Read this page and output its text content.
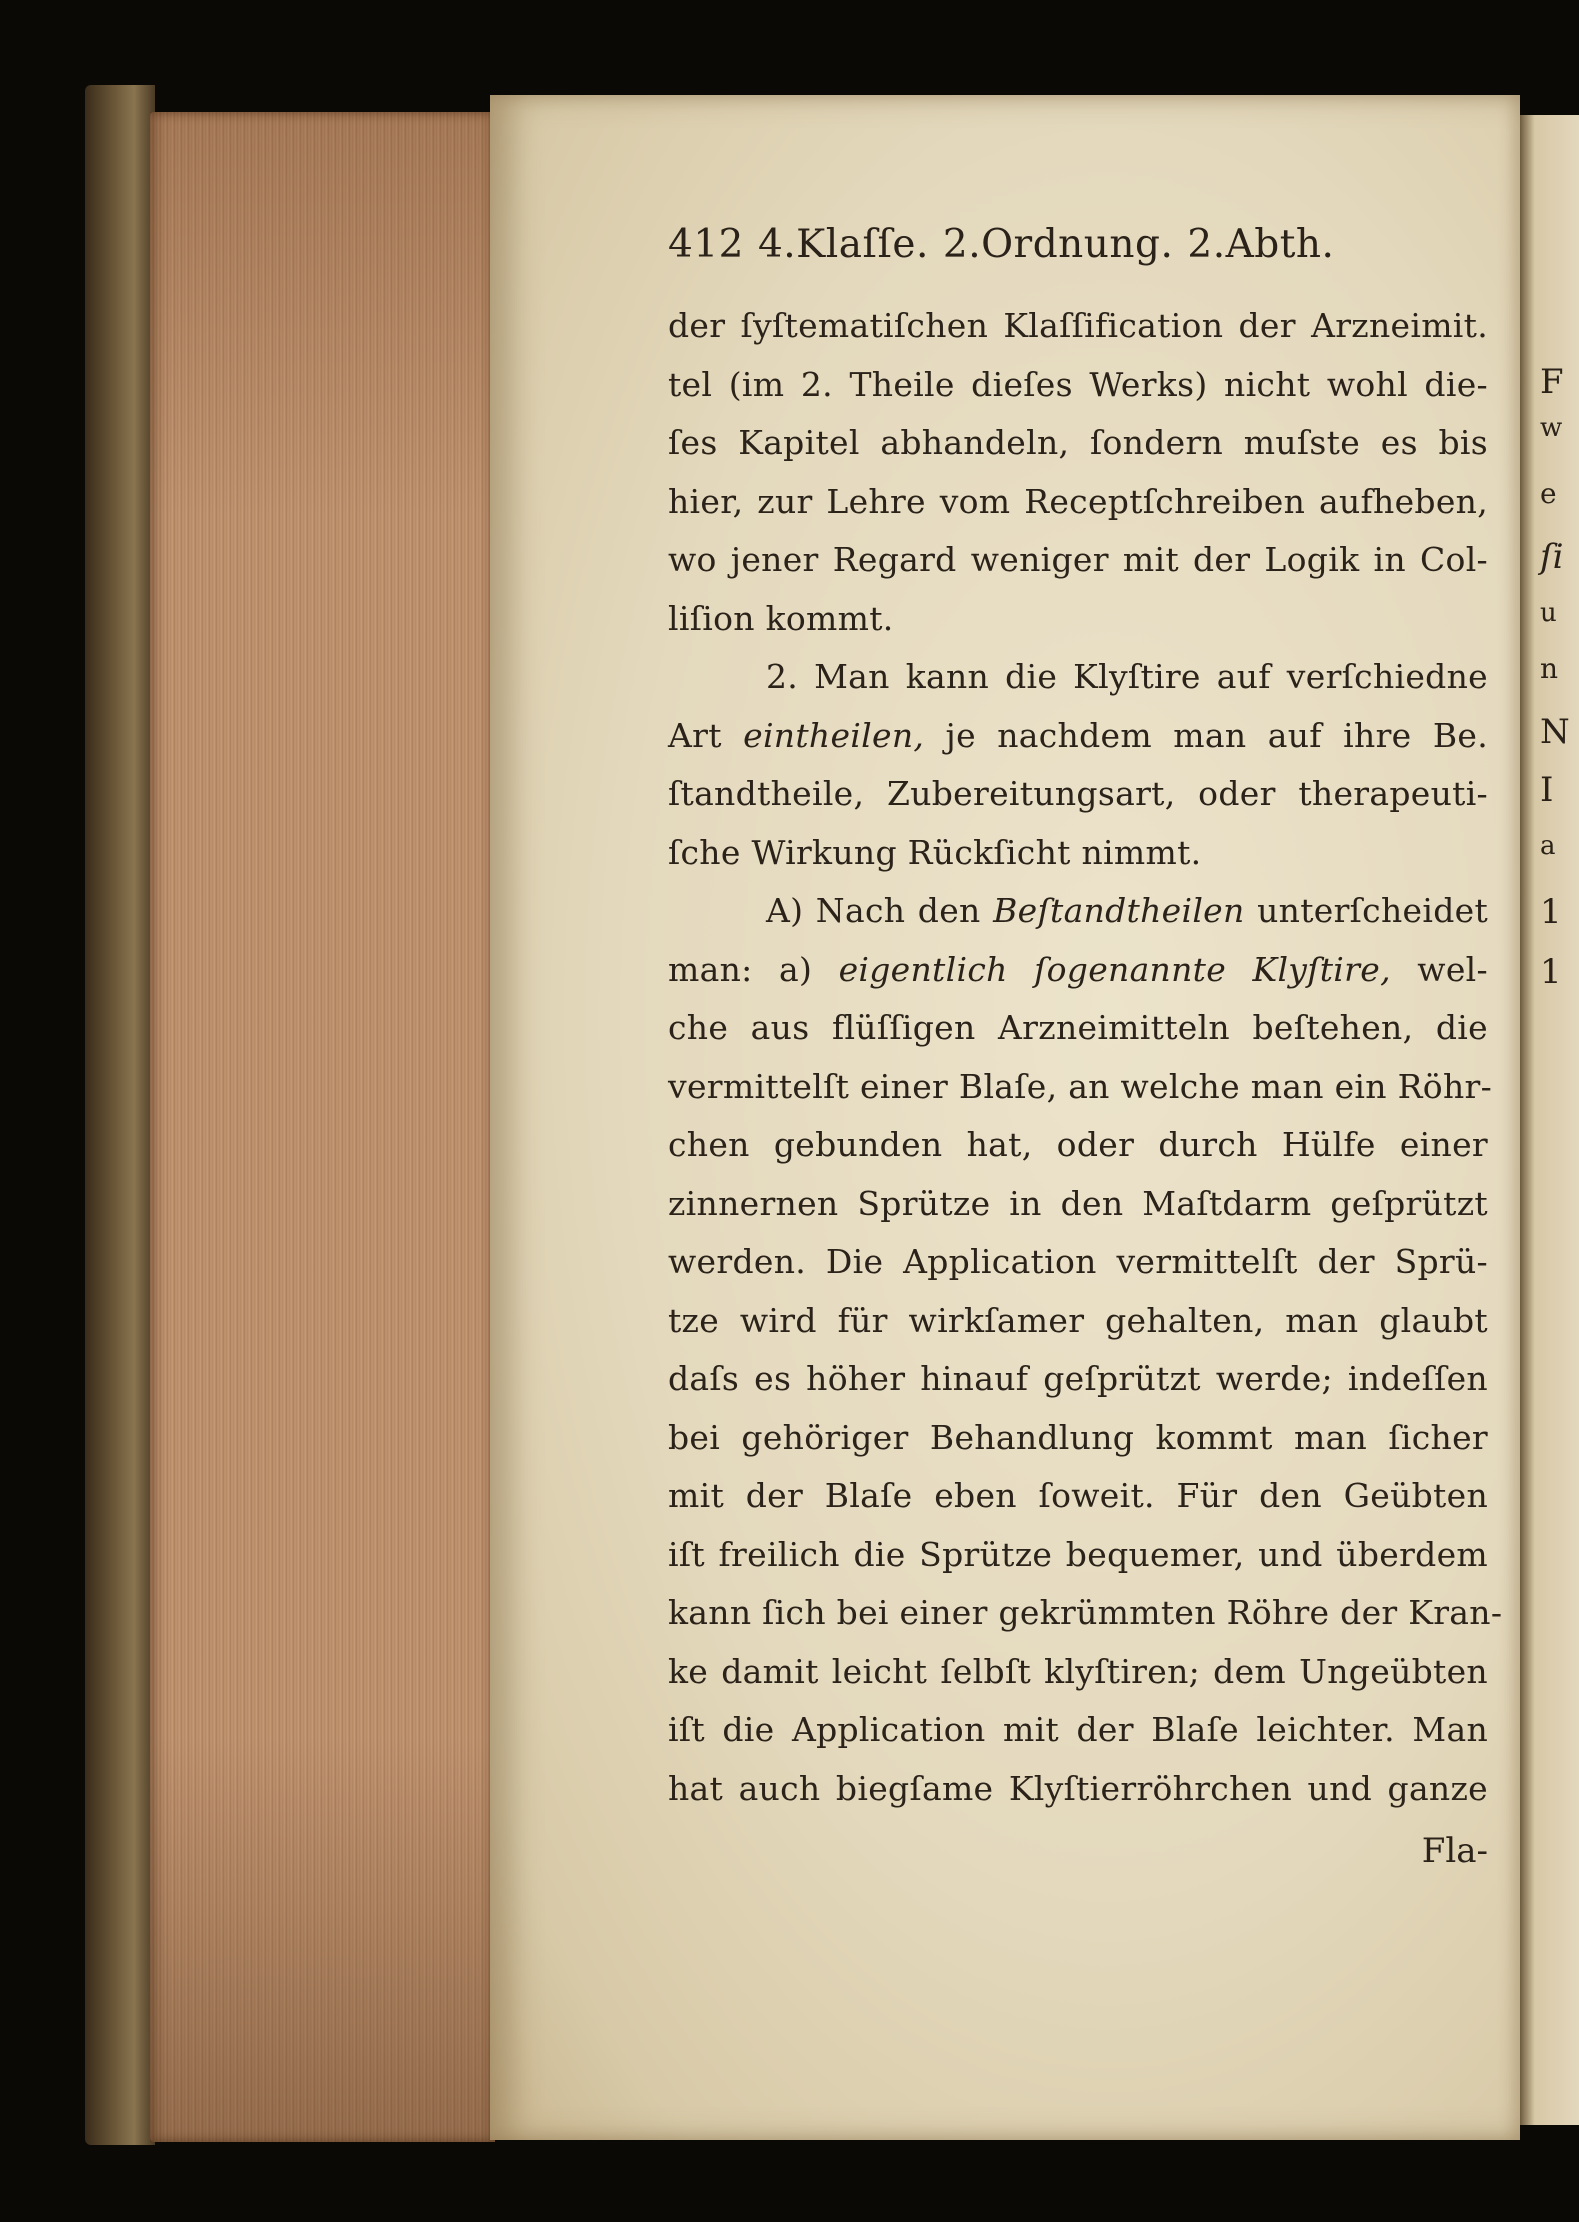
F
w
e
ſi
u
n
N
I
a
1
1
412 4.Klaſſe. 2.Ordnung. 2.Abth.
der ſyſtematiſchen Klaſſification der Arzneimit.
tel (im 2. Theile dieſes Werks) nicht wohl die-
ſes Kapitel abhandeln, ſondern muſste es bis
hier, zur Lehre vom Receptſchreiben aufheben,
wo jener Regard weniger mit der Logik in Col-
liſion kommt.
2. Man kann die Klyſtire auf verſchiedne
Art eintheilen, je nachdem man auf ihre Be.
ſtandtheile, Zubereitungsart, oder therapeuti-
ſche Wirkung Rückſicht nimmt.
A) Nach den Beſtandtheilen unterſcheidet
man: a) eigentlich ſogenannte Klyſtire, wel-
che aus flüſſigen Arzneimitteln beſtehen, die
vermittelſt einer Blaſe, an welche man ein Röhr-
chen gebunden hat, oder durch Hülfe einer
zinnernen Sprütze in den Maſtdarm geſprützt
werden. Die Application vermittelſt der Sprü-
tze wird für wirkſamer gehalten, man glaubt
daſs es höher hinauf geſprützt werde; indeſſen
bei gehöriger Behandlung kommt man ſicher
mit der Blaſe eben ſoweit. Für den Geübten
iſt freilich die Sprütze bequemer, und überdem
kann ſich bei einer gekrümmten Röhre der Kran-
ke damit leicht ſelbſt klyſtiren; dem Ungeübten
iſt die Application mit der Blaſe leichter. Man
hat auch biegſame Klyſtierröhrchen und ganze
Fla-
